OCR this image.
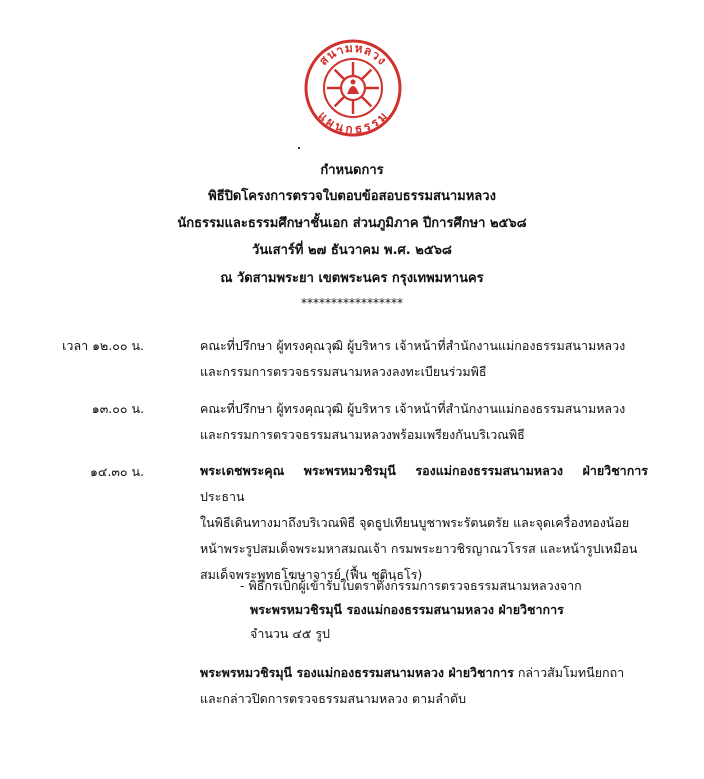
สนามหลวง
แผนกธรรม
กำหนดการ
พิธีปิดโครงการตรวจใบตอบข้อสอบธรรมสนามหลวง
นักธรรมและธรรมศึกษาชั้นเอก ส่วนภูมิภาค ปีการศึกษา ๒๕๖๘
วันเสาร์ที่ ๒๗ ธันวาคม พ.ศ. ๒๕๖๘
ณ วัดสามพระยา เขตพระนคร กรุงเทพมหานคร
*****************
เวลา ๑๒.๐๐ น.	คณะที่ปรึกษา ผู้ทรงคุณวุฒิ ผู้บริหาร เจ้าหน้าที่สำนักงานแม่กองธรรมสนามหลวง
และกรรมการตรวจธรรมสนามหลวงลงทะเบียนร่วมพิธี
๑๓.๐๐ น.	คณะที่ปรึกษา ผู้ทรงคุณวุฒิ ผู้บริหาร เจ้าหน้าที่สำนักงานแม่กองธรรมสนามหลวง
และกรรมการตรวจธรรมสนามหลวงพร้อมเพรียงกันบริเวณพิธี
๑๔.๓๐ น.	พระเดชพระคุณ พระพรหมวชิรมุนี รองแม่กองธรรมสนามหลวง ฝ่ายวิชาการ ประธาน
ในพิธีเดินทางมาถึงบริเวณพิธี จุดธูปเทียนบูชาพระรัตนตรัย และจุดเครื่องทองน้อย
หน้าพระรูปสมเด็จพระมหาสมณเจ้า กรมพระยาวชิรญาณวโรรส และหน้ารูปเหมือน
สมเด็จพระพุทธโฆษาจารย์ (ฟื้น ชุตินฺธโร)
- พิธีกรเบิกผู้เข้ารับใบตราตั้งกรรมการตรวจธรรมสนามหลวงจาก
พระพรหมวชิรมุนี รองแม่กองธรรมสนามหลวง ฝ่ายวิชาการ
จำนวน ๔๕ รูป
พระพรหมวชิรมุนี รองแม่กองธรรมสนามหลวง ฝ่ายวิชาการ กล่าวสัมโมทนียกถา
และกล่าวปิดการตรวจธรรมสนามหลวง ตามลำดับ
